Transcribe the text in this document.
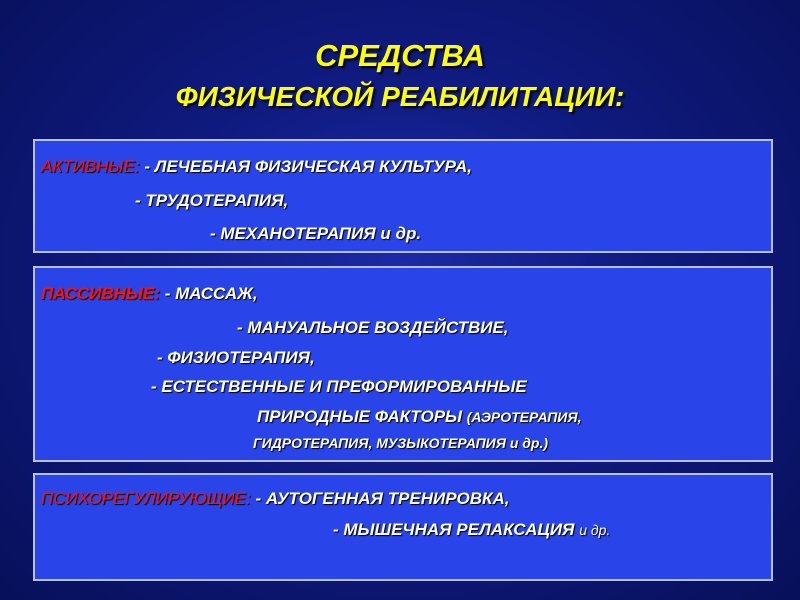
СРЕДСТВА
ФИЗИЧЕСКОЙ РЕАБИЛИТАЦИИ:
АКТИВНЫЕ: - ЛЕЧЕБНАЯ ФИЗИЧЕСКАЯ КУЛЬТУРА,
- ТРУДОТЕРАПИЯ,
- МЕХАНОТЕРАПИЯ и др.
ПАССИВНЫЕ: - МАССАЖ,
- МАНУАЛЬНОЕ ВОЗДЕЙСТВИЕ,
- ФИЗИОТЕРАПИЯ,
- ЕСТЕСТВЕННЫЕ И ПРЕФОРМИРОВАННЫЕ
ПРИРОДНЫЕ ФАКТОРЫ (АЭРОТЕРАПИЯ,
ГИДРОТЕРАПИЯ, МУЗЫКОТЕРАПИЯ и др.)
ПСИХОРЕГУЛИРУЮЩИЕ: - АУТОГЕННАЯ ТРЕНИРОВКА,
- МЫШЕЧНАЯ РЕЛАКСАЦИЯ и др.
